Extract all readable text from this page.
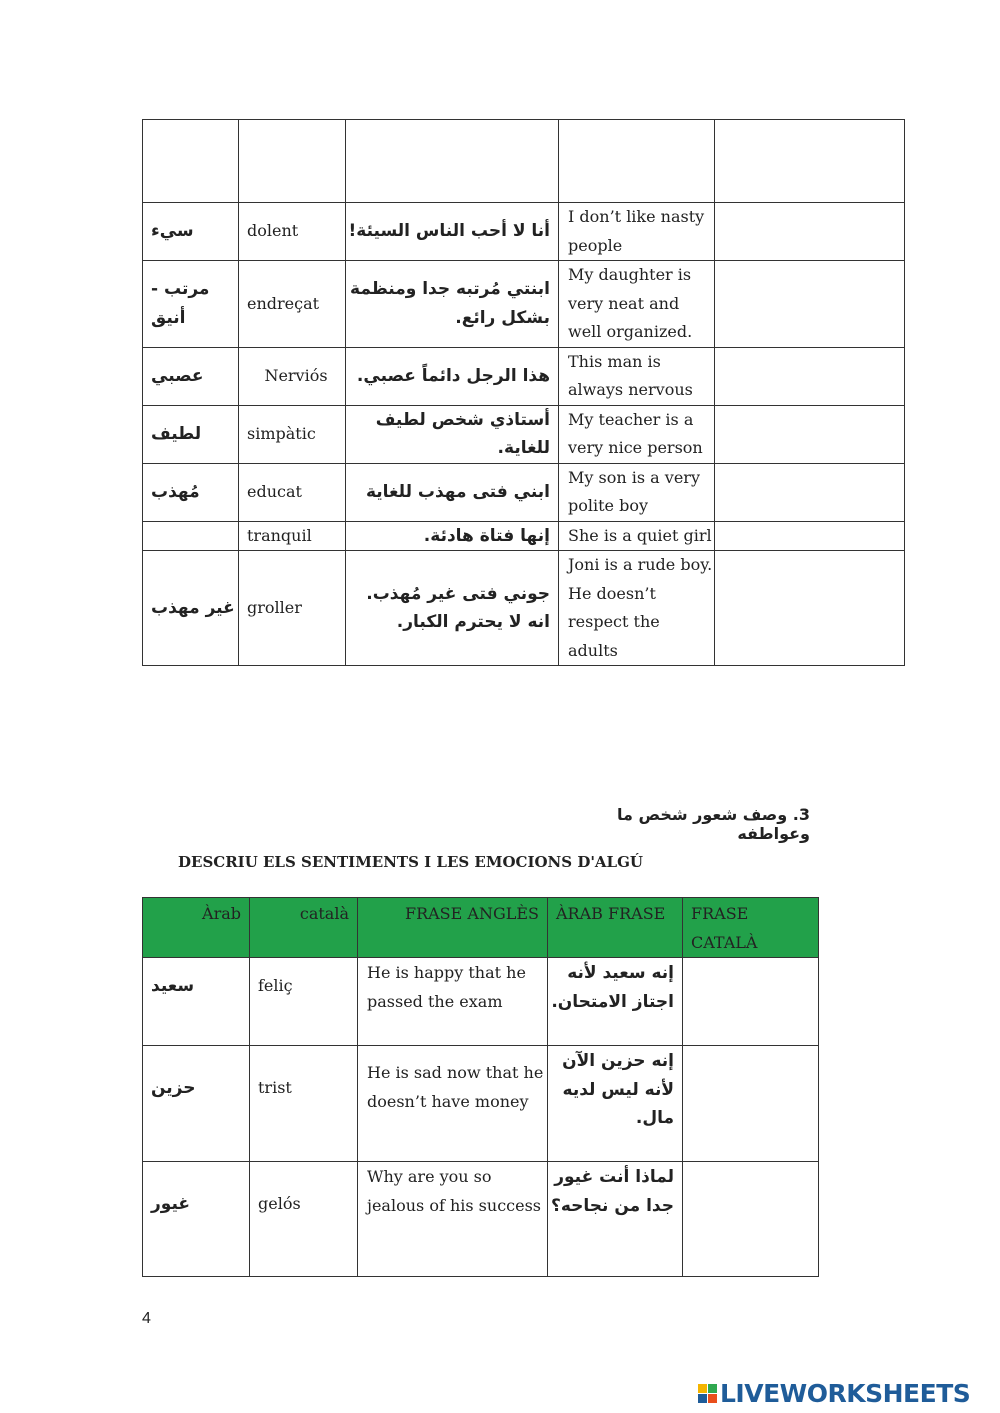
سيء	dolent	أنا لا أحب الناس السيئة!	I don’t like nasty people	
مرتب - أنيق	endreçat	ابنتي مُرتبه جدا ومنظمة بشكل رائع.	My daughter is very neat and well organized.	
عصبي	Nerviós	هذا الرجل دائماً عصبي.	This man is always nervous	
لطيف	simpàtic	أستاذي شخص لطيف للغاية.	My teacher is a very nice person	
مُهذب	educat	ابني فتى مهذب للغاية	My son is a very polite boy	
	tranquil	إنها فتاة هادئة.	She is a quiet girl	
غير مهذب	groller	جوني فتى غير مُهذب. انه لا يحترم الكبار.	Joni is a rude boy. He doesn’t respect the adults	
3. وصف شعور شخص ما وعواطفه
DESCRIU ELS SENTIMENTS I LES EMOCIONS D'ALGÚ
Àrab	català	FRASE ANGLÈS	ÀRAB FRASE	FRASE CATALÀ
سعيد	feliç	He is happy that he passed the exam	إنه سعيد لأنه اجتاز الامتحان.	
حزين	trist	He is sad now that he doesn’t have money	إنه حزين الآن لأنه ليس لديه مال.	
غيور	gelós	Why are you so jealous of his success	لماذا أنت غيور جدا من نجاحه؟	
4
LIVEWORKSHEETS
